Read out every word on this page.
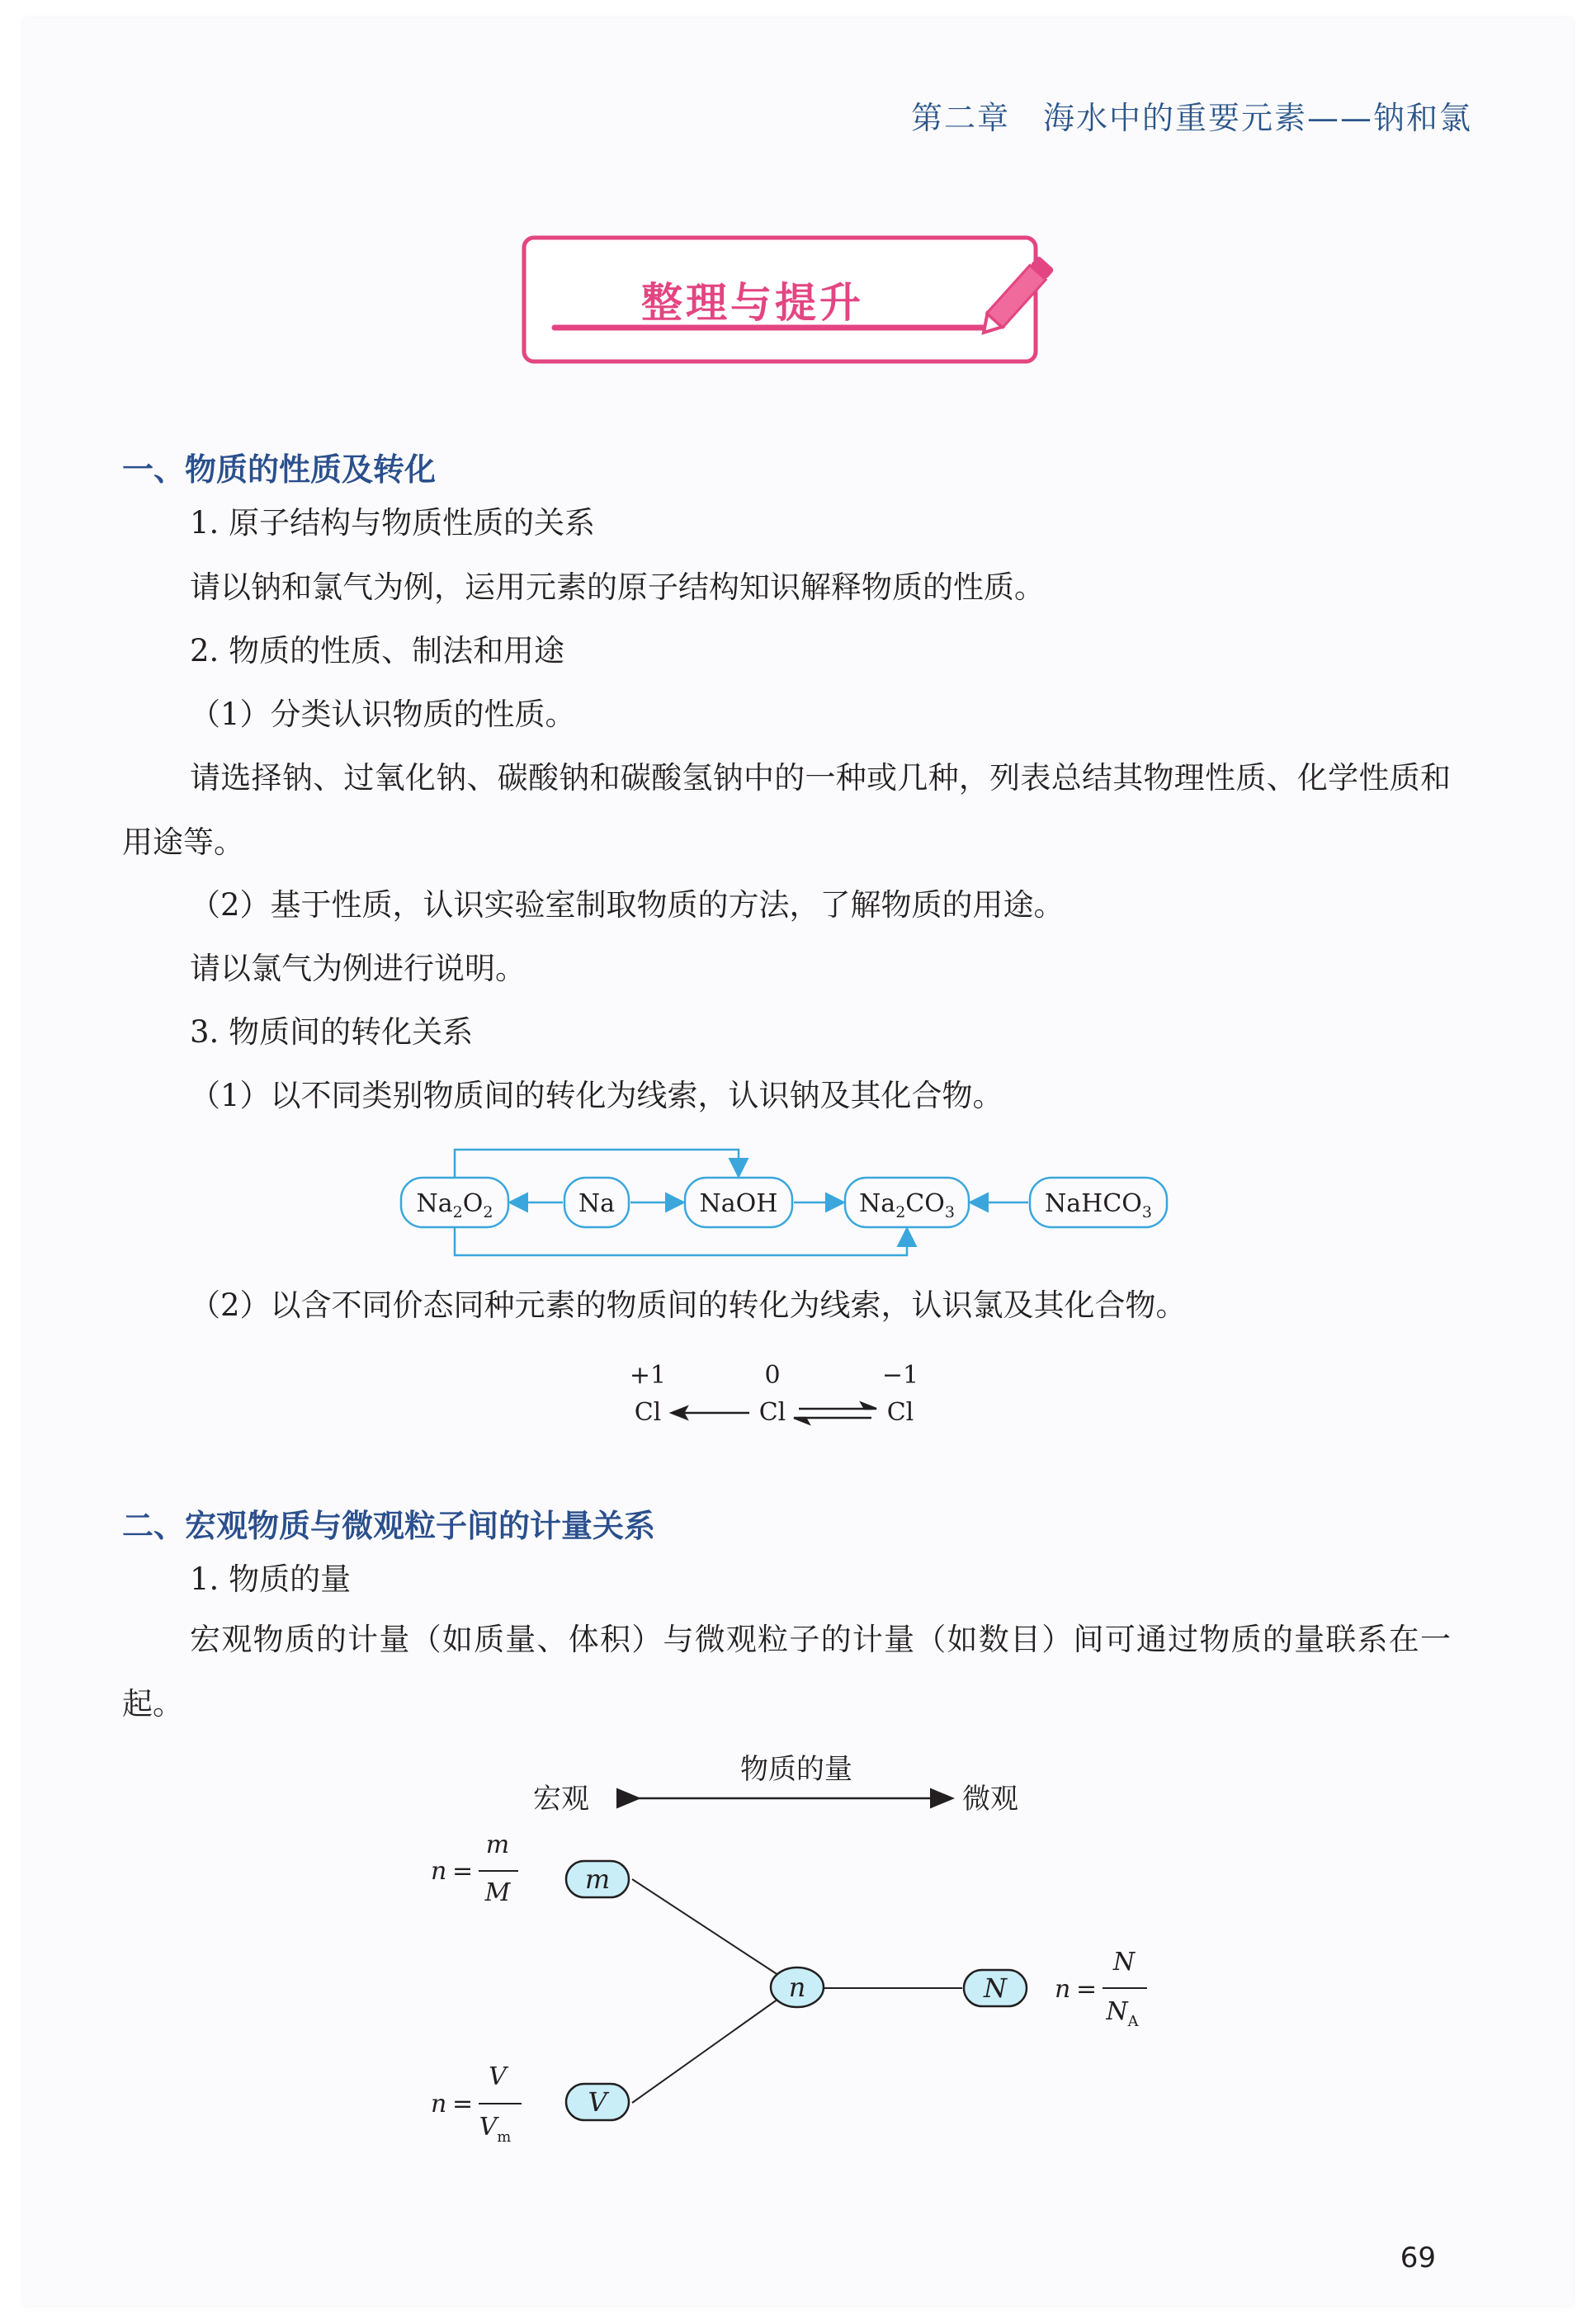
第二章　 海水中的重要元素——钠和氯
整理与提升
一、物质的性质及转化
1. 原子结构与物质性质的关系
请以钠和氯气为例，运用元素的原子结构知识解释物质的性质。
2. 物质的性质、制法和用途
（1）分类认识物质的性质。
请选择钠、过氧化钠、碳酸钠和碳酸氢钠中的一种或几种，列表总结其物理性质、化学性质和用途等。
（2）基于性质，认识实验室制取物质的方法，了解物质的用途。
请以氯气为例进行说明。
3. 物质间的转化关系
（1）以不同类别物质间的转化为线索，认识钠及其化合物。
$Na_2O_2$	Na	NaOH	$Na_2CO_3$	NaHCO$_3$
（2）以含不同价态同种元素的物质间的转化为线索，认识氯及其化合物。
+1	0	−1
Cl	Cl	Cl
二、宏观物质与微观粒子间的计量关系
1. 物质的量
宏观物质的计量（如质量、体积）与微观粒子的计量（如数目）间可通过物质的量联系在一起。
物质的量
宏观	微观
m
n	N
V
n =
m
M
n =
V
$V_m$
n =
N
$N_A$
69
